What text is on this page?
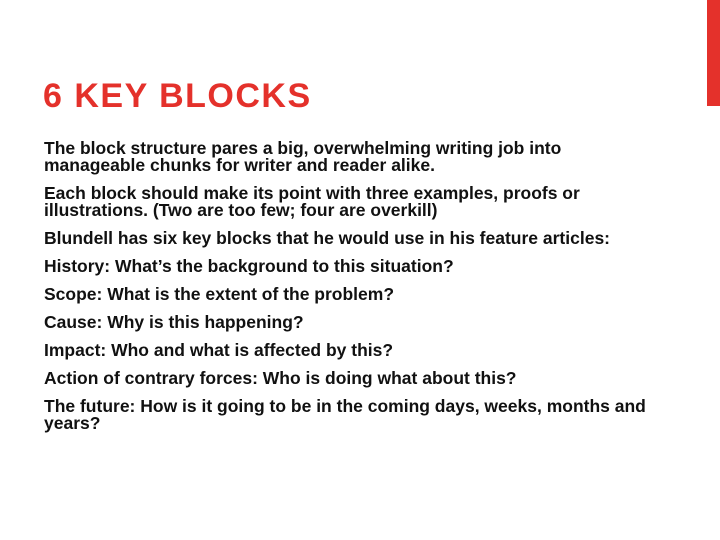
6 KEY BLOCKS
The block structure pares a big, overwhelming writing job into manageable chunks for writer and reader alike.
Each block should make its point with three examples, proofs or illustrations. (Two are too few; four are overkill)
Blundell has six key blocks that he would use in his feature articles:
History: What’s the background to this situation?
Scope: What is the extent of the problem?
Cause: Why is this happening?
Impact: Who and what is affected by this?
Action of contrary forces: Who is doing what about this?
The future: How is it going to be in the coming days, weeks, months and years?
